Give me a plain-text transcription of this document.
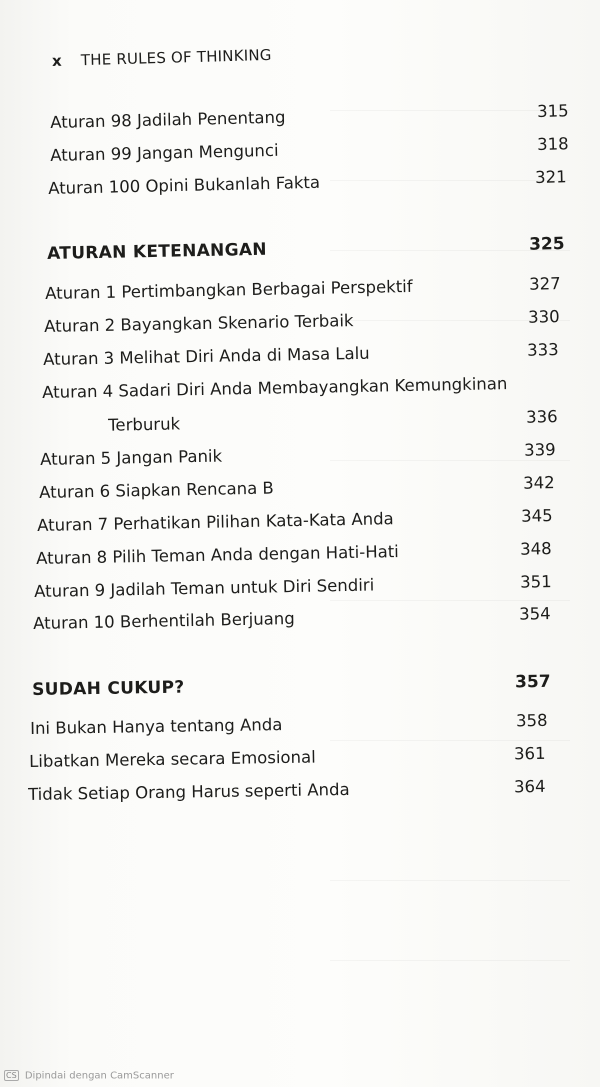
x THE RULES OF THINKING
Aturan 98 Jadilah Penentang	315
Aturan 99 Jangan Mengunci	318
Aturan 100 Opini Bukanlah Fakta	321
ATURAN KETENANGAN	325
Aturan 1 Pertimbangkan Berbagai Perspektif	327
Aturan 2 Bayangkan Skenario Terbaik	330
Aturan 3 Melihat Diri Anda di Masa Lalu	333
Aturan 4 Sadari Diri Anda Membayangkan Kemungkinan
Terburuk	336
Aturan 5 Jangan Panik	339
Aturan 6 Siapkan Rencana B	342
Aturan 7 Perhatikan Pilihan Kata-Kata Anda	345
Aturan 8 Pilih Teman Anda dengan Hati-Hati	348
Aturan 9 Jadilah Teman untuk Diri Sendiri	351
Aturan 10 Berhentilah Berjuang	354
SUDAH CUKUP?	357
Ini Bukan Hanya tentang Anda	358
Libatkan Mereka secara Emosional	361
Tidak Setiap Orang Harus seperti Anda	364
CS Dipindai dengan CamScanner
